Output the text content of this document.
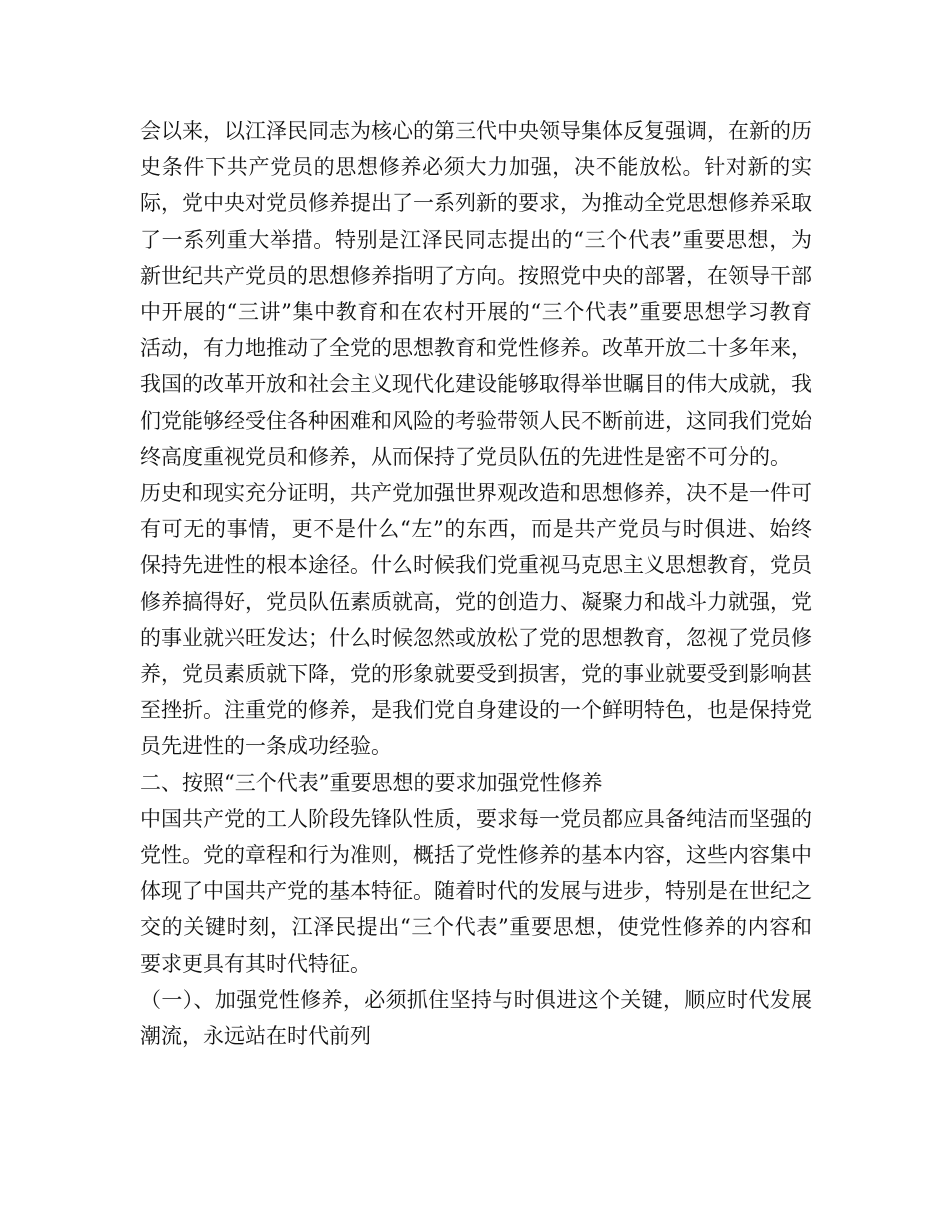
会以来，以江泽民同志为核心的第三代中央领导集体反复强调，在新的历史条件下共产党员的思想修养必须大力加强，决不能放松。针对新的实际，党中央对党员修养提出了一系列新的要求，为推动全党思想修养采取了一系列重大举措。特别是江泽民同志提出的“三个代表”重要思想，为新世纪共产党员的思想修养指明了方向。按照党中央的部署，在领导干部中开展的“三讲”集中教育和在农村开展的“三个代表”重要思想学习教育活动，有力地推动了全党的思想教育和党性修养。改革开放二十多年来，我国的改革开放和社会主义现代化建设能够取得举世瞩目的伟大成就，我们党能够经受住各种困难和风险的考验带领人民不断前进，这同我们党始终高度重视党员和修养，从而保持了党员队伍的先进性是密不可分的。

历史和现实充分证明，共产党加强世界观改造和思想修养，决不是一件可有可无的事情，更不是什么“左”的东西，而是共产党员与时俱进、始终保持先进性的根本途径。什么时候我们党重视马克思主义思想教育，党员修养搞得好，党员队伍素质就高，党的创造力、凝聚力和战斗力就强，党的事业就兴旺发达；什么时候忽然或放松了党的思想教育，忽视了党员修养，党员素质就下降，党的形象就要受到损害，党的事业就要受到影响甚至挫折。注重党的修养，是我们党自身建设的一个鲜明特色，也是保持党员先进性的一条成功经验。

二、按照“三个代表”重要思想的要求加强党性修养

中国共产党的工人阶段先锋队性质，要求每一党员都应具备纯洁而坚强的党性。党的章程和行为准则，概括了党性修养的基本内容，这些内容集中体现了中国共产党的基本特征。随着时代的发展与进步，特别是在世纪之交的关键时刻，江泽民提出“三个代表”重要思想，使党性修养的内容和要求更具有其时代特征。

（一）、加强党性修养，必须抓住坚持与时俱进这个关键，顺应时代发展潮流，永远站在时代前列
